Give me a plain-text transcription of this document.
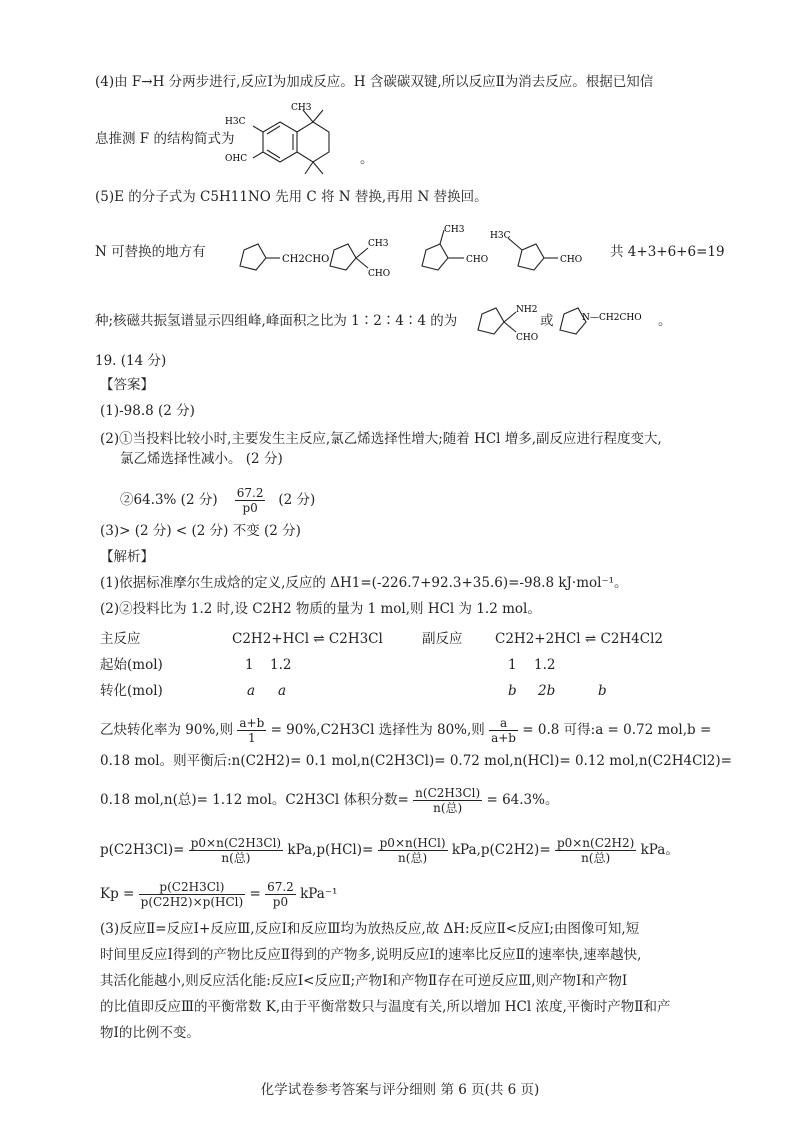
(4)由 F→H 分两步进行,反应Ⅰ为加成反应。H 含碳碳双键,所以反应Ⅱ为消去反应。根据已知信
CH3
H3C
OHC
息推测 F 的结构简式为
。
(5)E 的分子式为 C5H11NO 先用 C 将 N 替换,再用 N 替换回。
N 可替换的地方有	CH2CHO
CH3
CHO
CH3
CHO
H3C
CHO 共 4+3+6+6=19
种;核磁共振氢谱显示四组峰,峰面积之比为 1∶2∶4∶4 的为
NH2
CHO
或	N —CH2CHO 。
19. (14 分)
【答案】
(1)-98.8 (2 分)
(2)①当投料比较小时,主要发生主反应,氯乙烯选择性增大;随着 HCl 增多,副反应进行程度变大,
氯乙烯选择性减小。 (2 分)
②64.3% (2 分) $\frac{67.2}{p0} (2$ 分)
(3)> (2 分) < (2 分) 不变 (2 分)
【解析】
(1)依据标准摩尔生成焓的定义,反应的 ΔH1=(-226.7+92.3+35.6)=-98.8 kJ·mol⁻¹。
(2)②投料比为 1.2 时,设 C2H2 物质的量为 1 mol,则 HCl 为 1.2 mol。
主反应	C2H2+HCl ⇌ C2H3Cl	副反应 C2H2+2HCl ⇌ C2H4Cl2
起始(mol)	1 1.2	1 1.2
转化(mol)	a a	b 2b	b
乙炔转化率为 90%,则 $\frac{a+b}{1} = 90\%,C2H3Cl$ 选择性为 80%,则 $\frac{a}{a+b} = 0.8$ 可得:a = 0.72 mol,b =
0.18 mol。则平衡后:n(C2H2)= 0.1 mol,n(C2H3Cl)= 0.72 mol,n(HCl)= 0.12 mol,n(C2H4Cl2)=
0.18 mol,n(总)= 1.12 mol。C2H3Cl 体积分数= $\frac{n(C2H3Cl)}{\text{n(总)}} = 64.3\%$。
$p(C2H3Cl)= \frac{p0\times n(C2H3Cl)}{\text{n(总)}} kPa,p(HCl)= \frac{\text{p0×n(HCl)}}{\text{n(总)}} kPa,p(C2H2)= \frac{p0\times n(C2H2)}{\text{n(总)}}$ kPa。
$Kp = \frac{p(C2H3Cl)}{\text{p(C2H2)×p(HCl)}} = \frac{67.2}{p0} kPa^{-1}$
(3)反应Ⅱ=反应Ⅰ+反应Ⅲ,反应Ⅰ和反应Ⅲ均为放热反应,故 ΔH:反应Ⅱ<反应Ⅰ;由图像可知,短
时间里反应Ⅰ得到的产物比反应Ⅱ得到的产物多,说明反应Ⅰ的速率比反应Ⅱ的速率快,速率越快,
其活化能越小,则反应活化能:反应Ⅰ<反应Ⅱ;产物Ⅰ和产物Ⅱ存在可逆反应Ⅲ,则产物Ⅰ和产物Ⅰ
的比值即反应Ⅲ的平衡常数 K,由于平衡常数只与温度有关,所以增加 HCl 浓度,平衡时产物Ⅱ和产
物Ⅰ的比例不变。
化学试卷参考答案与评分细则 第 6 页(共 6 页)
